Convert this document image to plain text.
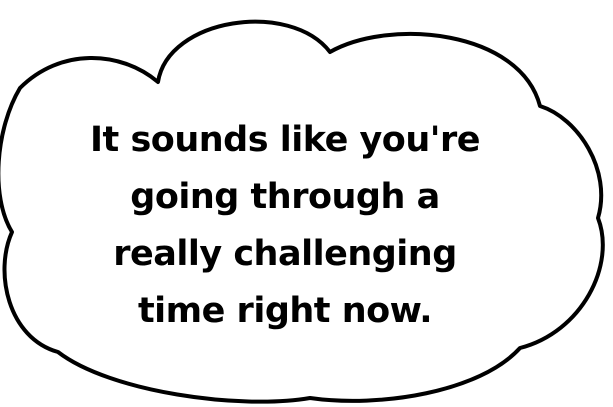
It sounds like you're
going through a
really challenging
time right now.
